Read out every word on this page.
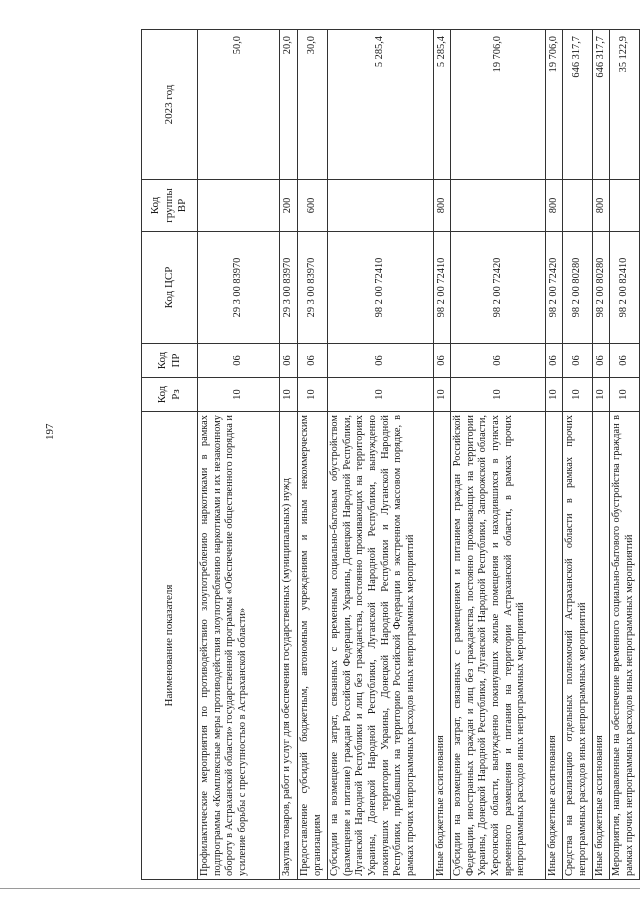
197
Наименование показателя	Код Рз	Код ПР	Код ЦСР	Код группы ВР	2023 год
Профилактические мероприятия по противодействию злоупотреблению наркотиками в рамках подпрограммы «Комплексные меры противодействия злоупотреблению наркотиками и их незаконному обороту в Астраханской области» государственной программы «Обеспечение общественного порядка и усиление борьбы с преступностью в Астраханской области»	10	06	29 3 00 83970		50,0
Закупка товаров, работ и услуг для обеспечения государственных (муниципальных) нужд	10	06	29 3 00 83970	200	20,0
Предоставление субсидий бюджетным, автономным учреждениям и иным некоммерческим организациям	10	06	29 3 00 83970	600	30,0
Субсидии на возмещение затрат, связанных с временным социально-бытовым обустройством (размещение и питание) граждан Российской Федерации, Украины, Донецкой Народной Республики, Луганской Народной Республики и лиц без гражданства, постоянно проживающих на территориях Украины, Донецкой Народной Республики, Луганской Народной Республики, вынужденно покинувших территории Украины, Донецкой Народной Республики и Луганской Народной Республики, прибывших на территорию Российской Федерации в экстренном массовом порядке, в рамках прочих непрограммных расходов иных непрограммных мероприятий	10	06	98 2 00 72410		5 285,4
Иные бюджетные ассигнования	10	06	98 2 00 72410	800	5 285,4
Субсидии на возмещение затрат, связанных с размещением и питанием граждан Российской Федерации, иностранных граждан и лиц без гражданства, постоянно проживающих на территории Украины, Донецкой Народной Республики, Луганской Народной Республики, Запорожской области, Херсонской области, вынужденно покинувших жилые помещения и находившихся в пунктах временного размещения и питания на территории Астраханской области, в рамках прочих непрограммных расходов иных непрограммных мероприятий	10	06	98 2 00 72420		19 706,0
Иные бюджетные ассигнования	10	06	98 2 00 72420	800	19 706,0
Средства на реализацию отдельных полномочий Астраханской области в рамках прочих непрограммных расходов иных непрограммных мероприятий	10	06	98 2 00 80280		646 317,7
Иные бюджетные ассигнования	10	06	98 2 00 80280	800	646 317,7
Мероприятия, направленные на обеспечение временного социально-бытового обустройства граждан в рамках прочих непрограммных расходов иных непрограммных мероприятий	10	06	98 2 00 82410		35 122,9
